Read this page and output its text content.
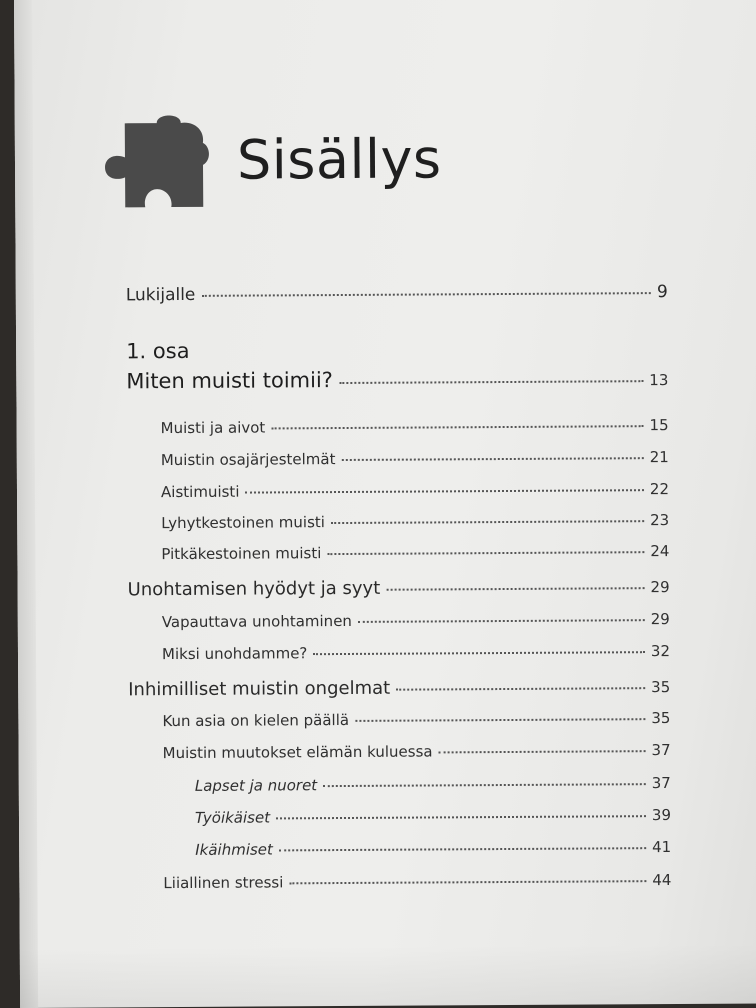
Sisällys
Lukijalle	9
1. osa
Miten muisti toimii?	13
Muisti ja aivot	15
Muistin osajärjestelmät	21
Aistimuisti	22
Lyhytkestoinen muisti	23
Pitkäkestoinen muisti	24
Unohtamisen hyödyt ja syyt	29
Vapauttava unohtaminen	29
Miksi unohdamme?	32
Inhimilliset muistin ongelmat	35
Kun asia on kielen päällä	35
Muistin muutokset elämän kuluessa	37
Lapset ja nuoret	37
Työikäiset	39
Ikäihmiset	41
Liiallinen stressi	44
